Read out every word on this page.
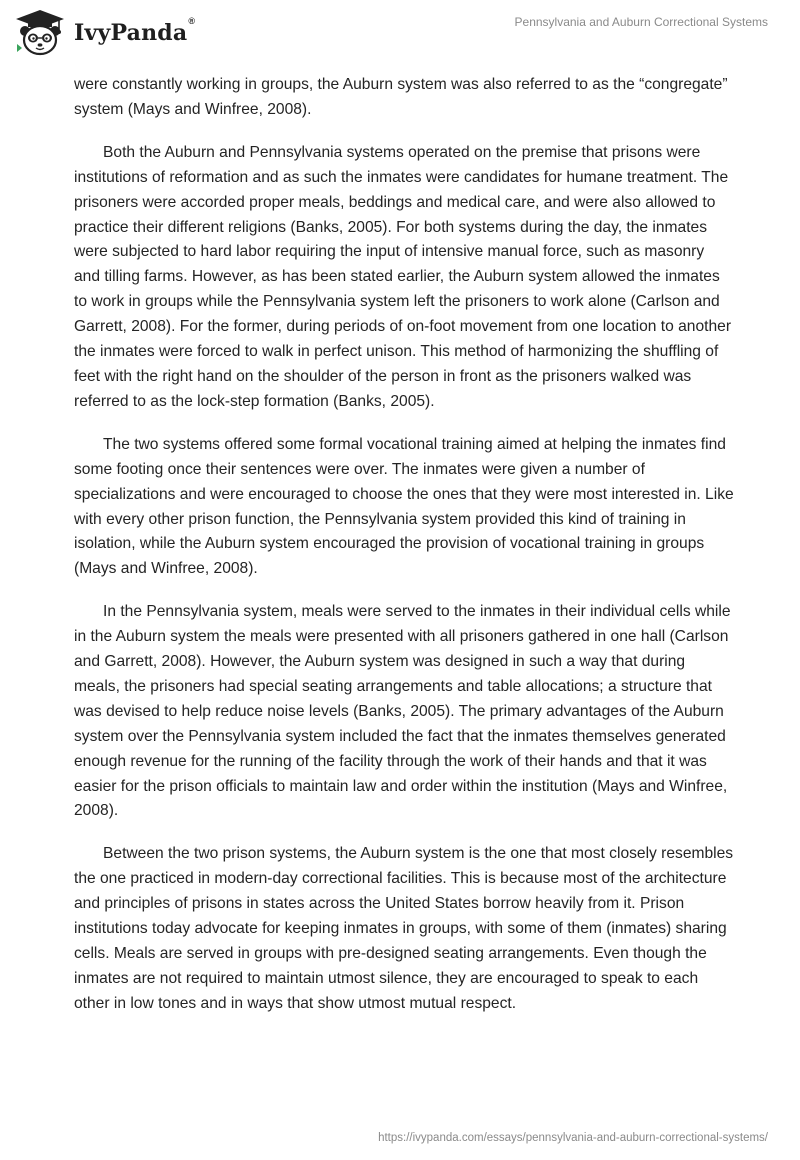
IvyPanda®	Pennsylvania and Auburn Correctional Systems

were constantly working in groups, the Auburn system was also referred to as the “congregate” system (Mays and Winfree, 2008).

Both the Auburn and Pennsylvania systems operated on the premise that prisons were institutions of reformation and as such the inmates were candidates for humane treatment. The prisoners were accorded proper meals, beddings and medical care, and were also allowed to practice their different religions (Banks, 2005). For both systems during the day, the inmates were subjected to hard labor requiring the input of intensive manual force, such as masonry and tilling farms. However, as has been stated earlier, the Auburn system allowed the inmates to work in groups while the Pennsylvania system left the prisoners to work alone (Carlson and Garrett, 2008). For the former, during periods of on-foot movement from one location to another the inmates were forced to walk in perfect unison. This method of harmonizing the shuffling of feet with the right hand on the shoulder of the person in front as the prisoners walked was referred to as the lock-step formation (Banks, 2005).

The two systems offered some formal vocational training aimed at helping the inmates find some footing once their sentences were over. The inmates were given a number of specializations and were encouraged to choose the ones that they were most interested in. Like with every other prison function, the Pennsylvania system provided this kind of training in isolation, while the Auburn system encouraged the provision of vocational training in groups (Mays and Winfree, 2008).

In the Pennsylvania system, meals were served to the inmates in their individual cells while in the Auburn system the meals were presented with all prisoners gathered in one hall (Carlson and Garrett, 2008). However, the Auburn system was designed in such a way that during meals, the prisoners had special seating arrangements and table allocations; a structure that was devised to help reduce noise levels (Banks, 2005). The primary advantages of the Auburn system over the Pennsylvania system included the fact that the inmates themselves generated enough revenue for the running of the facility through the work of their hands and that it was easier for the prison officials to maintain law and order within the institution (Mays and Winfree, 2008).

Between the two prison systems, the Auburn system is the one that most closely resembles the one practiced in modern-day correctional facilities. This is because most of the architecture and principles of prisons in states across the United States borrow heavily from it. Prison institutions today advocate for keeping inmates in groups, with some of them (inmates) sharing cells. Meals are served in groups with pre-designed seating arrangements. Even though the inmates are not required to maintain utmost silence, they are encouraged to speak to each other in low tones and in ways that show utmost mutual respect.

https://ivypanda.com/essays/pennsylvania-and-auburn-correctional-systems/
